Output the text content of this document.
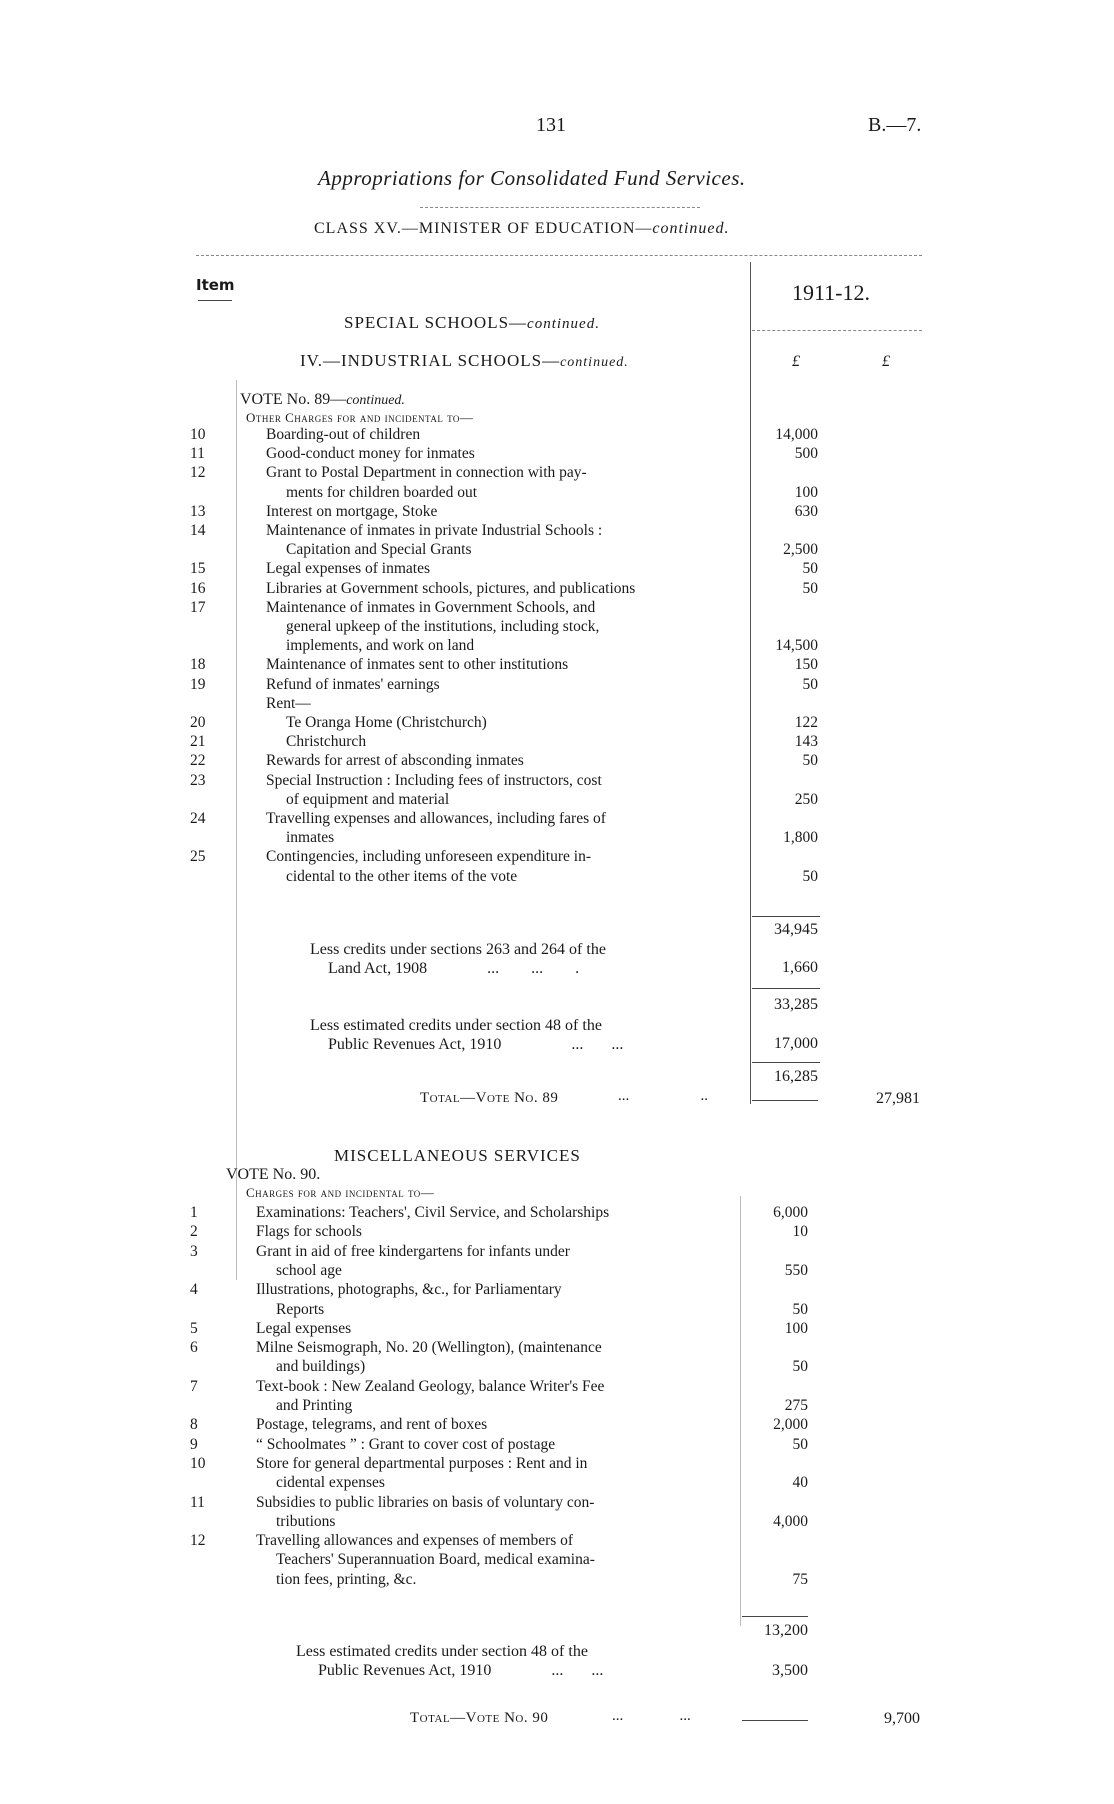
131	B.—7.
Appropriations for Consolidated Fund Services.
CLASS XV.—MINISTER OF EDUCATION—continued.
Item	1911-12.
£	£
SPECIAL SCHOOLS—continued.
IV.—INDUSTRIAL SCHOOLS—continued.
VOTE No. 89—continued.
Other Charges for and incidental to—
10	Boarding-out of children	14,000
11	Good-conduct money for inmates	500
12	Grant to Postal Department in connection with pay-
ments for children boarded out	100
13	Interest on mortgage, Stoke	630
14	Maintenance of inmates in private Industrial Schools :
Capitation and Special Grants	2,500
15	Legal expenses of inmates	50
16	Libraries at Government schools, pictures, and publications	50
17	Maintenance of inmates in Government Schools, and
general upkeep of the institutions, including stock,
implements, and work on land	14,500
18	Maintenance of inmates sent to other institutions	150
19	Refund of inmates' earnings	50
Rent—
20	Te Oranga Home (Christchurch)	122
21	Christchurch	143
22	Rewards for arrest of absconding inmates	50
23	Special Instruction : Including fees of instructors, cost
of equipment and material	250
24	Travelling expenses and allowances, including fares of
inmates	1,800
25	Contingencies, including unforeseen expenditure in-
cidental to the other items of the vote	50
34,945
Less credits under sections 263 and 264 of the
Land Act, 1908	...        ...        .	1,660
33,285
Less estimated credits under section 48 of the
Public Revenues Act, 1910	...       ...	17,000
16,285
Total—Vote No. 89	...                   ..	27,981
MISCELLANEOUS SERVICES
VOTE No. 90.
Charges for and incidental to—
1	Examinations: Teachers', Civil Service, and Scholarships	6,000
2	Flags for schools	10
3	Grant in aid of free kindergartens for infants under
school age	550
4	Illustrations, photographs, &c., for Parliamentary
Reports	50
5	Legal expenses	100
6	Milne Seismograph, No. 20 (Wellington), (maintenance
and buildings)	50
7	Text-book : New Zealand Geology, balance Writer's Fee
and Printing	275
8	Postage, telegrams, and rent of boxes	2,000
9	“ Schoolmates ” : Grant to cover cost of postage	50
10	Store for general departmental purposes : Rent and in
cidental expenses	40
11	Subsidies to public libraries on basis of voluntary con-
tributions	4,000
12	Travelling allowances and expenses of members of
Teachers' Superannuation Board, medical examina-
tion fees, printing, &c.	75
13,200
Less estimated credits under section 48 of the
Public Revenues Act, 1910	...       ...	3,500
Total—Vote No. 90	...               ...	9,700
